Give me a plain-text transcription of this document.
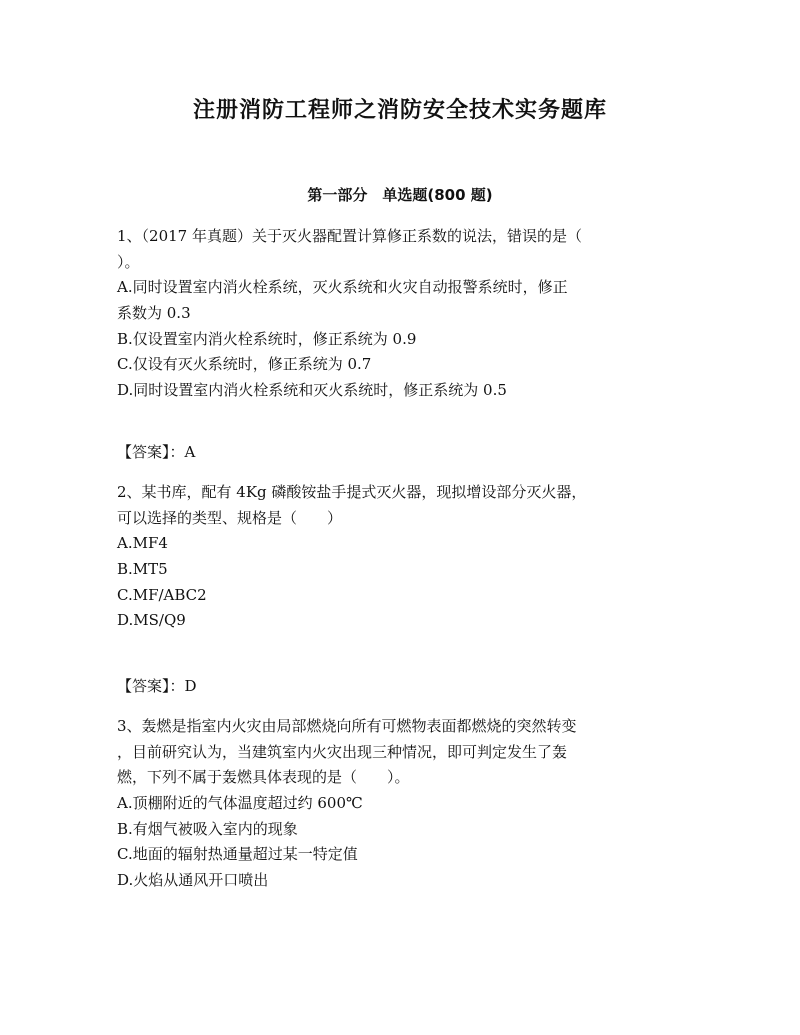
注册消防工程师之消防安全技术实务题库
第一部分　单选题(800 题)
1、（2017 年真题）关于灭火器配置计算修正系数的说法，错误的是（
）。
A.同时设置室内消火栓系统，灭火系统和火灾自动报警系统时，修正
系数为 0.3
B.仅设置室内消火栓系统时，修正系统为 0.9
C.仅设有灭火系统时，修正系统为 0.7
D.同时设置室内消火栓系统和灭火系统时，修正系统为 0.5
【答案】：A
2、某书库，配有 4Kg 磷酸铵盐手提式灭火器，现拟增设部分灭火器，
可以选择的类型、规格是（　　）
A.MF4
B.MT5
C.MF/ABC2
D.MS/Q9
【答案】：D
3、轰燃是指室内火灾由局部燃烧向所有可燃物表面都燃烧的突然转变
，目前研究认为，当建筑室内火灾出现三种情况，即可判定发生了轰
燃，下列不属于轰燃具体表现的是（　　）。
A.顶棚附近的气体温度超过约 600℃
B.有烟气被吸入室内的现象
C.地面的辐射热通量超过某一特定值
D.火焰从通风开口喷出
